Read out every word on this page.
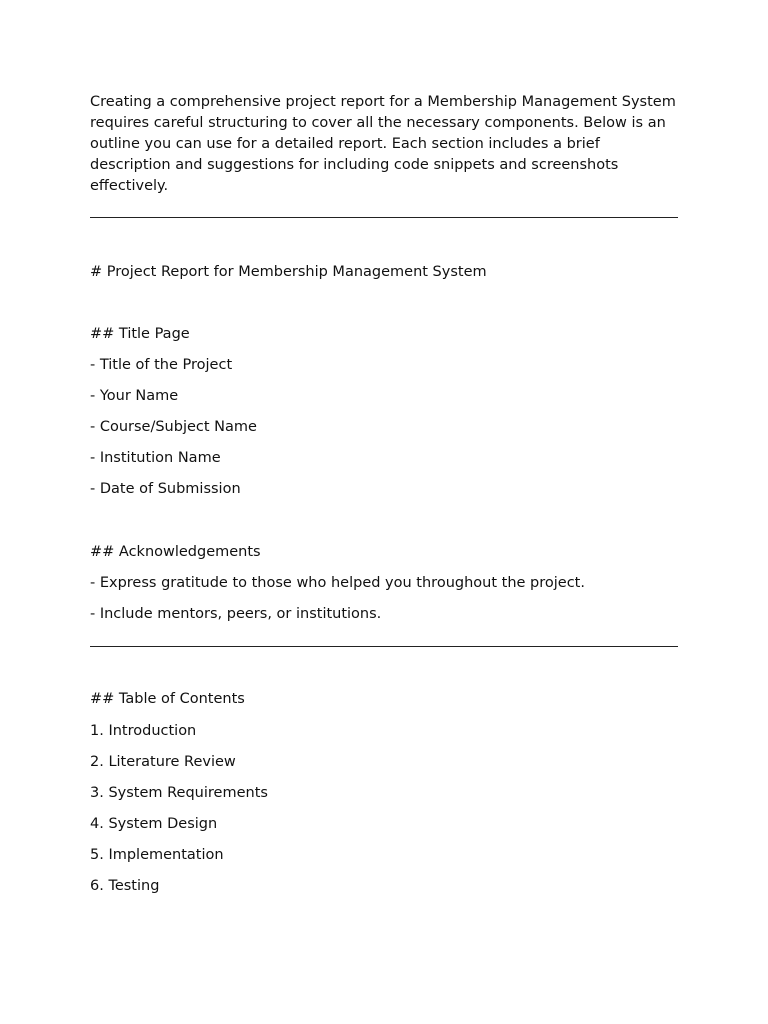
Creating a comprehensive project report for a Membership Management System requires careful structuring to cover all the necessary components. Below is an outline you can use for a detailed report. Each section includes a brief description and suggestions for including code snippets and screenshots effectively.

# Project Report for Membership Management System

## Title Page

- Title of the Project

- Your Name

- Course/Subject Name

- Institution Name

- Date of Submission

## Acknowledgements

- Express gratitude to those who helped you throughout the project.

- Include mentors, peers, or institutions.

## Table of Contents

1. Introduction

2. Literature Review

3. System Requirements

4. System Design

5. Implementation

6. Testing
